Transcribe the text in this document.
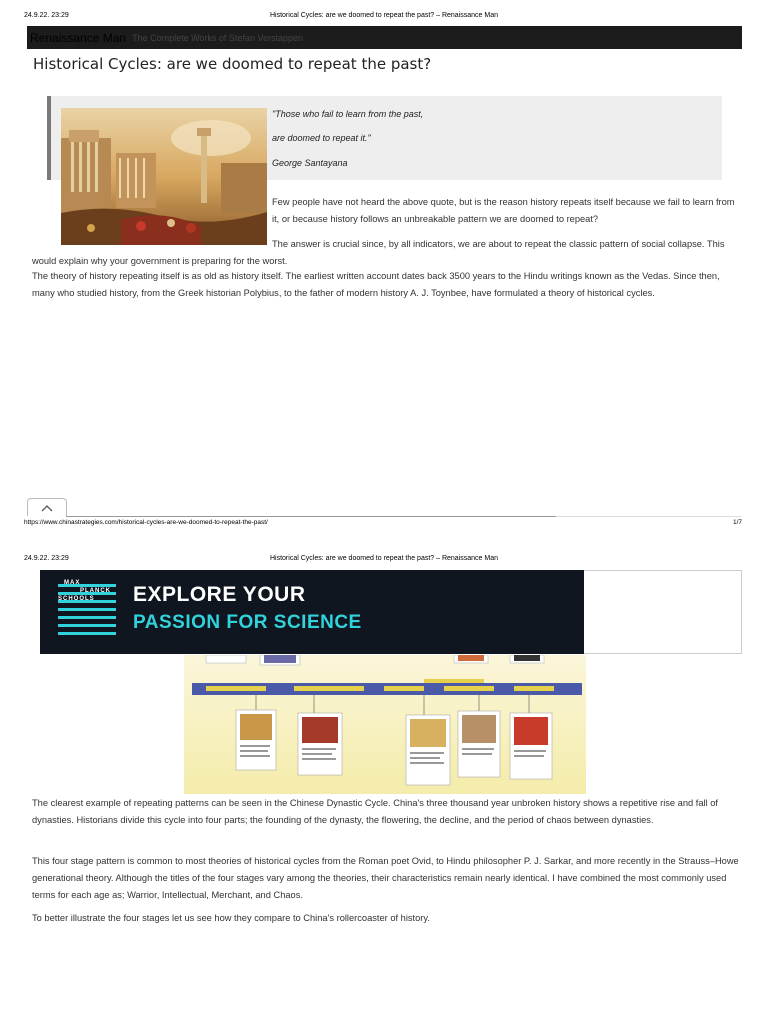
24.9.22. 23:29	Historical Cycles: are we doomed to repeat the past? – Renaissance Man
Renaissance Man The Complete Works of Stefan Verstappen
Historical Cycles: are we doomed to repeat the past?
"Those who fail to learn from the past,
are doomed to repeat it."
George Santayana

Few people have not heard the above quote, but is the reason history repeats itself because we fail to learn from it, or because history follows an unbreakable pattern we are doomed to repeat?

The answer is crucial since, by all indicators, we are about to repeat the classic pattern of social collapse. This would explain why your government is preparing for the worst.

The theory of history repeating itself is as old as history itself. The earliest written account dates back 3500 years to the Hindu writings known as the Vedas. Since then, many who studied history, from the Greek historian Polybius, to the father of modern history A. J. Toynbee, have formulated a theory of historical cycles.

https://www.chinastrategies.com/historical-cycles-are-we-doomed-to-repeat-the-past/	1/7
24.9.22. 23:29	Historical Cycles: are we doomed to repeat the past? – Renaissance Man
MAX
PLANCK
SCHOOLS EXPLORE YOUR
PASSION FOR SCIENCE

The clearest example of repeating patterns can be seen in the Chinese Dynastic Cycle. China's three thousand year unbroken history shows a repetitive rise and fall of dynasties. Historians divide this cycle into four parts; the founding of the dynasty, the flowering, the decline, and the period of chaos between dynasties.

This four stage pattern is common to most theories of historical cycles from the Roman poet Ovid, to Hindu philosopher P. J. Sarkar, and more recently in the Strauss–Howe generational theory. Although the titles of the four stages vary among the theories, their characteristics remain nearly identical. I have combined the most commonly used terms for each age as; Warrior, Intellectual, Merchant, and Chaos.

To better illustrate the four stages let us see how they compare to China's rollercoaster of history.
